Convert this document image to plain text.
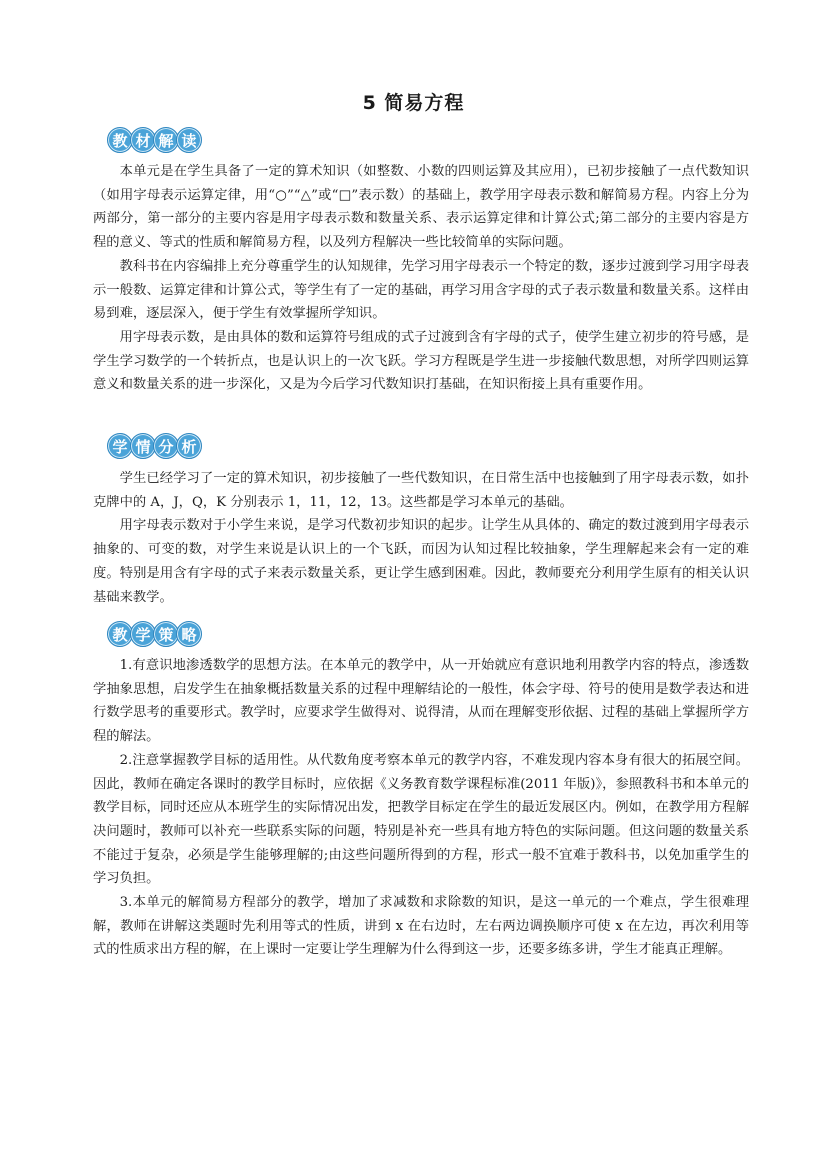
5 简易方程
教 材 解 读

本单元是在学生具备了一定的算术知识（如整数、小数的四则运算及其应用），已初步接触了一点代数知识（如用字母表示运算定律，用“○”“△”或“□”表示数）的基础上，教学用字母表示数和解简易方程。内容上分为两部分，第一部分的主要内容是用字母表示数和数量关系、表示运算定律和计算公式;第二部分的主要内容是方程的意义、等式的性质和解简易方程，以及列方程解决一些比较简单的实际问题。

教科书在内容编排上充分尊重学生的认知规律，先学习用字母表示一个特定的数，逐步过渡到学习用字母表示一般数、运算定律和计算公式，等学生有了一定的基础，再学习用含字母的式子表示数量和数量关系。这样由易到难，逐层深入，便于学生有效掌握所学知识。

用字母表示数，是由具体的数和运算符号组成的式子过渡到含有字母的式子，使学生建立初步的符号感，是学生学习数学的一个转折点，也是认识上的一次飞跃。学习方程既是学生进一步接触代数思想，对所学四则运算意义和数量关系的进一步深化，又是为今后学习代数知识打基础，在知识衔接上具有重要作用。

学 情 分 析

学生已经学习了一定的算术知识，初步接触了一些代数知识，在日常生活中也接触到了用字母表示数，如扑克牌中的 A，J，Q，K 分别表示 1，11，12，13。这些都是学习本单元的基础。

用字母表示数对于小学生来说，是学习代数初步知识的起步。让学生从具体的、确定的数过渡到用字母表示抽象的、可变的数，对学生来说是认识上的一个飞跃，而因为认知过程比较抽象，学生理解起来会有一定的难度。特别是用含有字母的式子来表示数量关系，更让学生感到困难。因此，教师要充分利用学生原有的相关认识基础来教学。

教 学 策 略

1.有意识地渗透数学的思想方法。在本单元的教学中，从一开始就应有意识地利用教学内容的特点，渗透数学抽象思想，启发学生在抽象概括数量关系的过程中理解结论的一般性，体会字母、符号的使用是数学表达和进行数学思考的重要形式。教学时，应要求学生做得对、说得清，从而在理解变形依据、过程的基础上掌握所学方程的解法。

2.注意掌握教学目标的适用性。从代数角度考察本单元的教学内容，不难发现内容本身有很大的拓展空间。因此，教师在确定各课时的教学目标时，应依据《义务教育数学课程标准(2011 年版)》，参照教科书和本单元的教学目标，同时还应从本班学生的实际情况出发，把教学目标定在学生的最近发展区内。例如，在教学用方程解决问题时，教师可以补充一些联系实际的问题，特别是补充一些具有地方特色的实际问题。但这问题的数量关系不能过于复杂，必须是学生能够理解的;由这些问题所得到的方程，形式一般不宜难于教科书，以免加重学生的学习负担。

3.本单元的解简易方程部分的教学，增加了求减数和求除数的知识，是这一单元的一个难点，学生很难理解，教师在讲解这类题时先利用等式的性质，讲到 x 在右边时，左右两边调换顺序可使 x 在左边，再次利用等式的性质求出方程的解，在上课时一定要让学生理解为什么得到这一步，还要多练多讲，学生才能真正理解。
